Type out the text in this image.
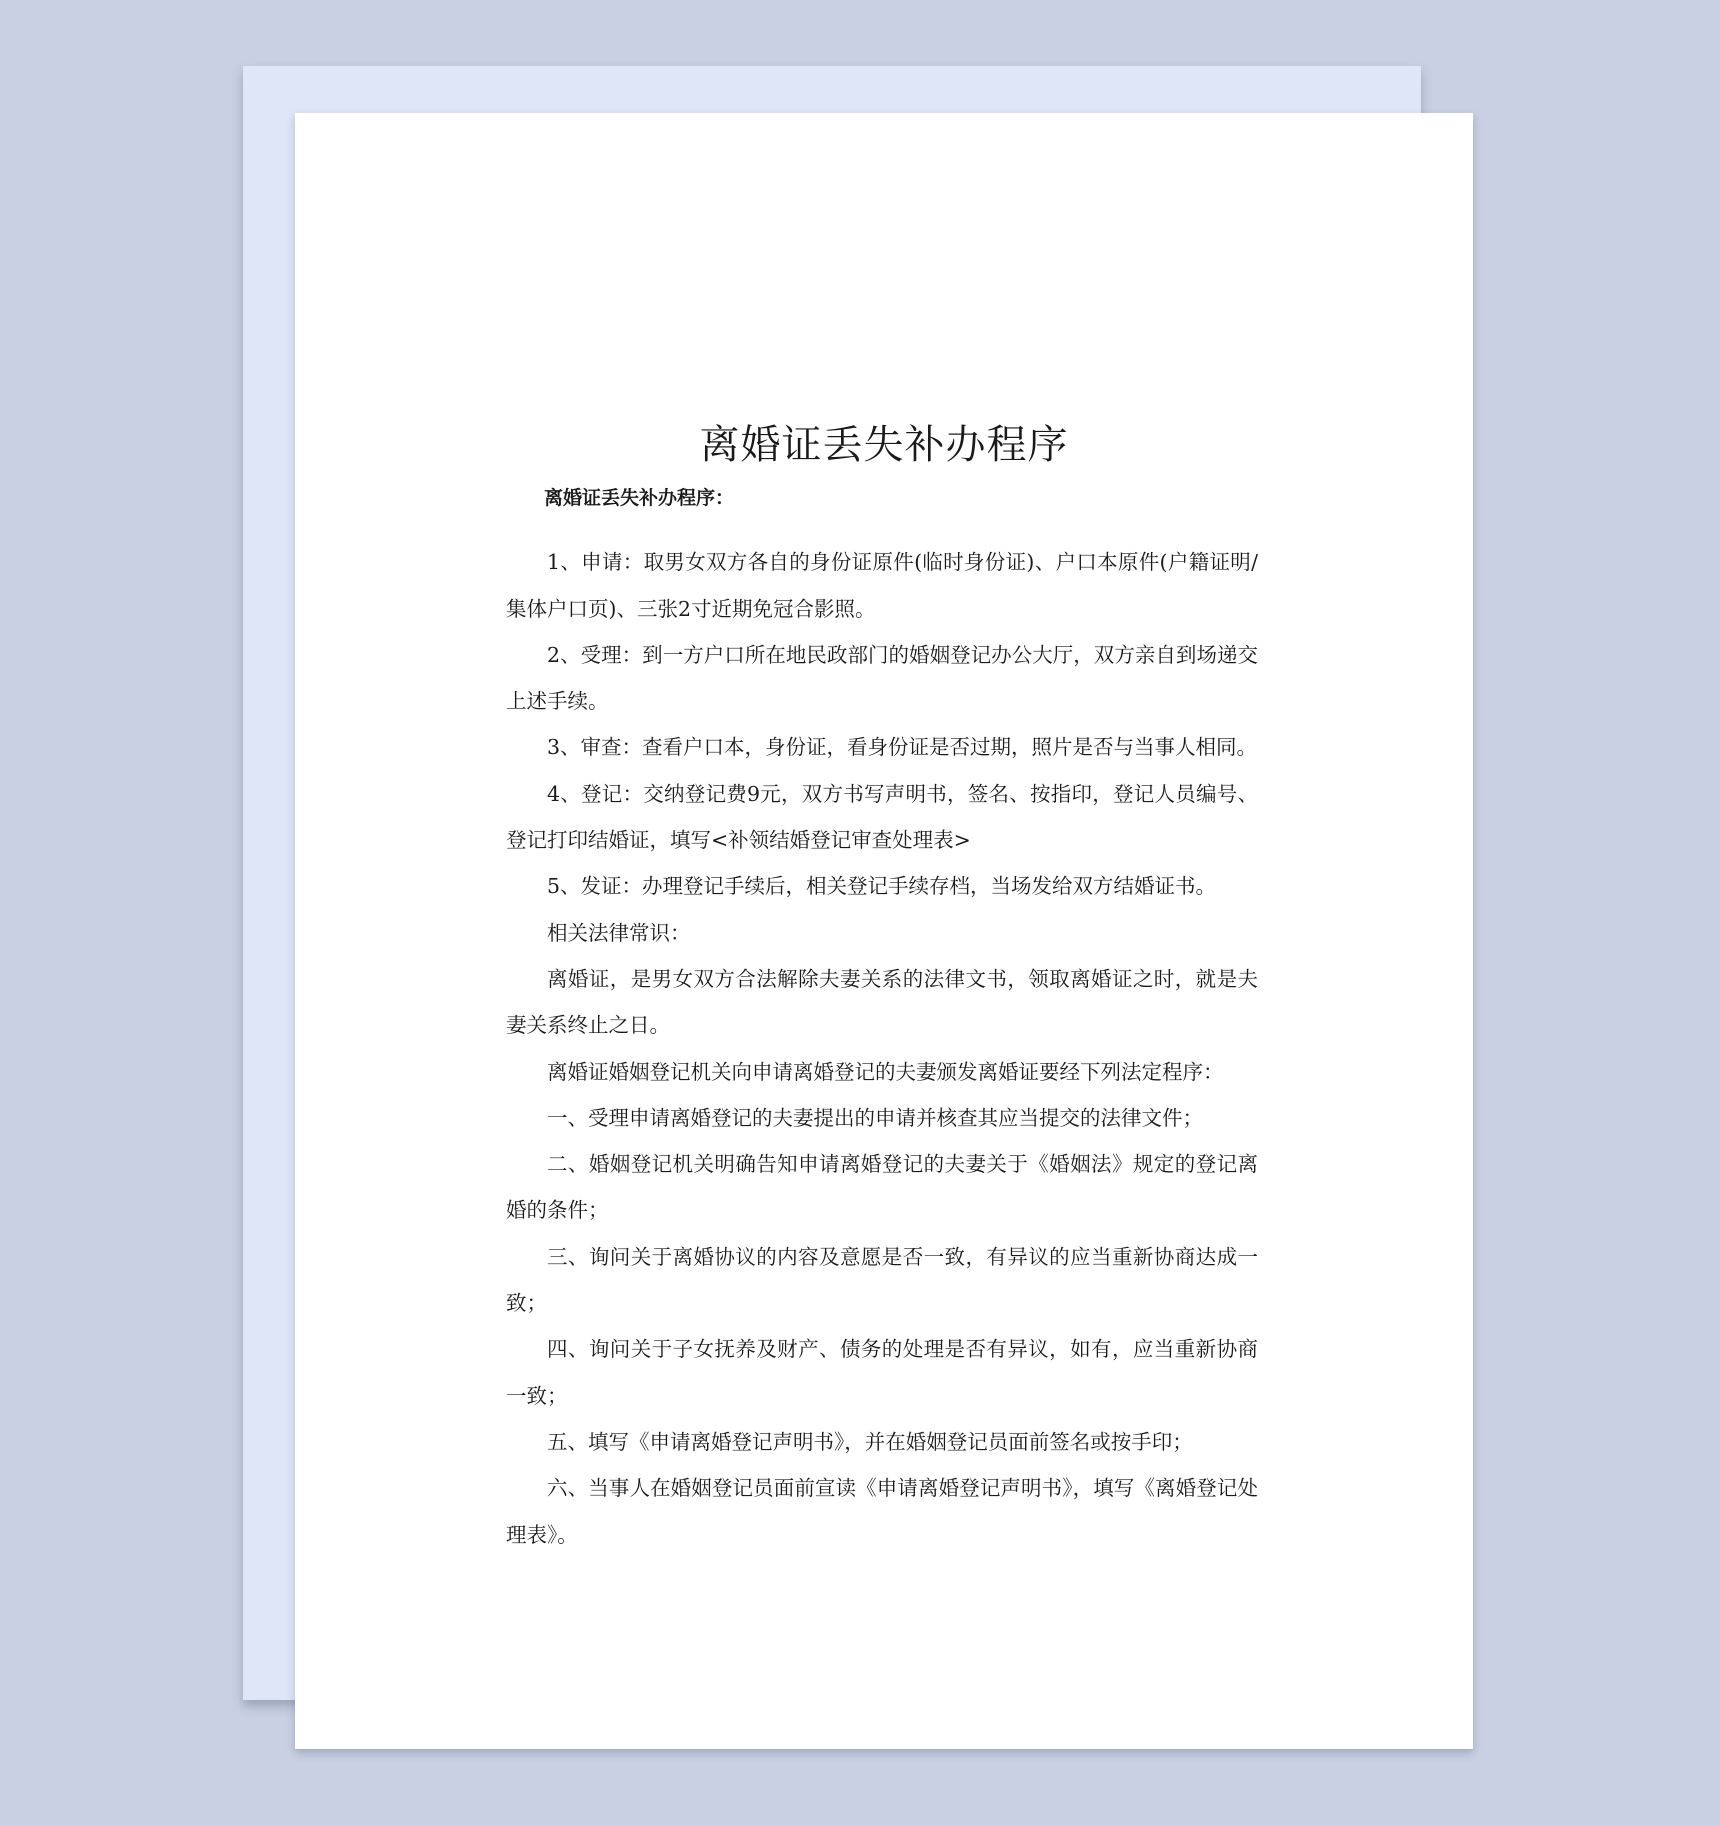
离婚证丢失补办程序

离婚证丢失补办程序：

1、申请：取男女双方各自的身份证原件(临时身份证)、户口本原件(户籍证明/集体户口页)、三张2寸近期免冠合影照。

2、受理：到一方户口所在地民政部门的婚姻登记办公大厅，双方亲自到场递交上述手续。

3、审查：查看户口本，身份证，看身份证是否过期，照片是否与当事人相同。

4、登记：交纳登记费9元，双方书写声明书，签名、按指印，登记人员编号、登记打印结婚证，填写<补领结婚登记审查处理表>

5、发证：办理登记手续后，相关登记手续存档，当场发给双方结婚证书。

相关法律常识：

离婚证，是男女双方合法解除夫妻关系的法律文书，领取离婚证之时，就是夫妻关系终止之日。

离婚证婚姻登记机关向申请离婚登记的夫妻颁发离婚证要经下列法定程序：

一、受理申请离婚登记的夫妻提出的申请并核查其应当提交的法律文件；

二、婚姻登记机关明确告知申请离婚登记的夫妻关于《婚姻法》规定的登记离婚的条件；

三、询问关于离婚协议的内容及意愿是否一致，有异议的应当重新协商达成一致；

四、询问关于子女抚养及财产、债务的处理是否有异议，如有，应当重新协商一致；

五、填写《申请离婚登记声明书》，并在婚姻登记员面前签名或按手印；

六、当事人在婚姻登记员面前宣读《申请离婚登记声明书》，填写《离婚登记处理表》。
